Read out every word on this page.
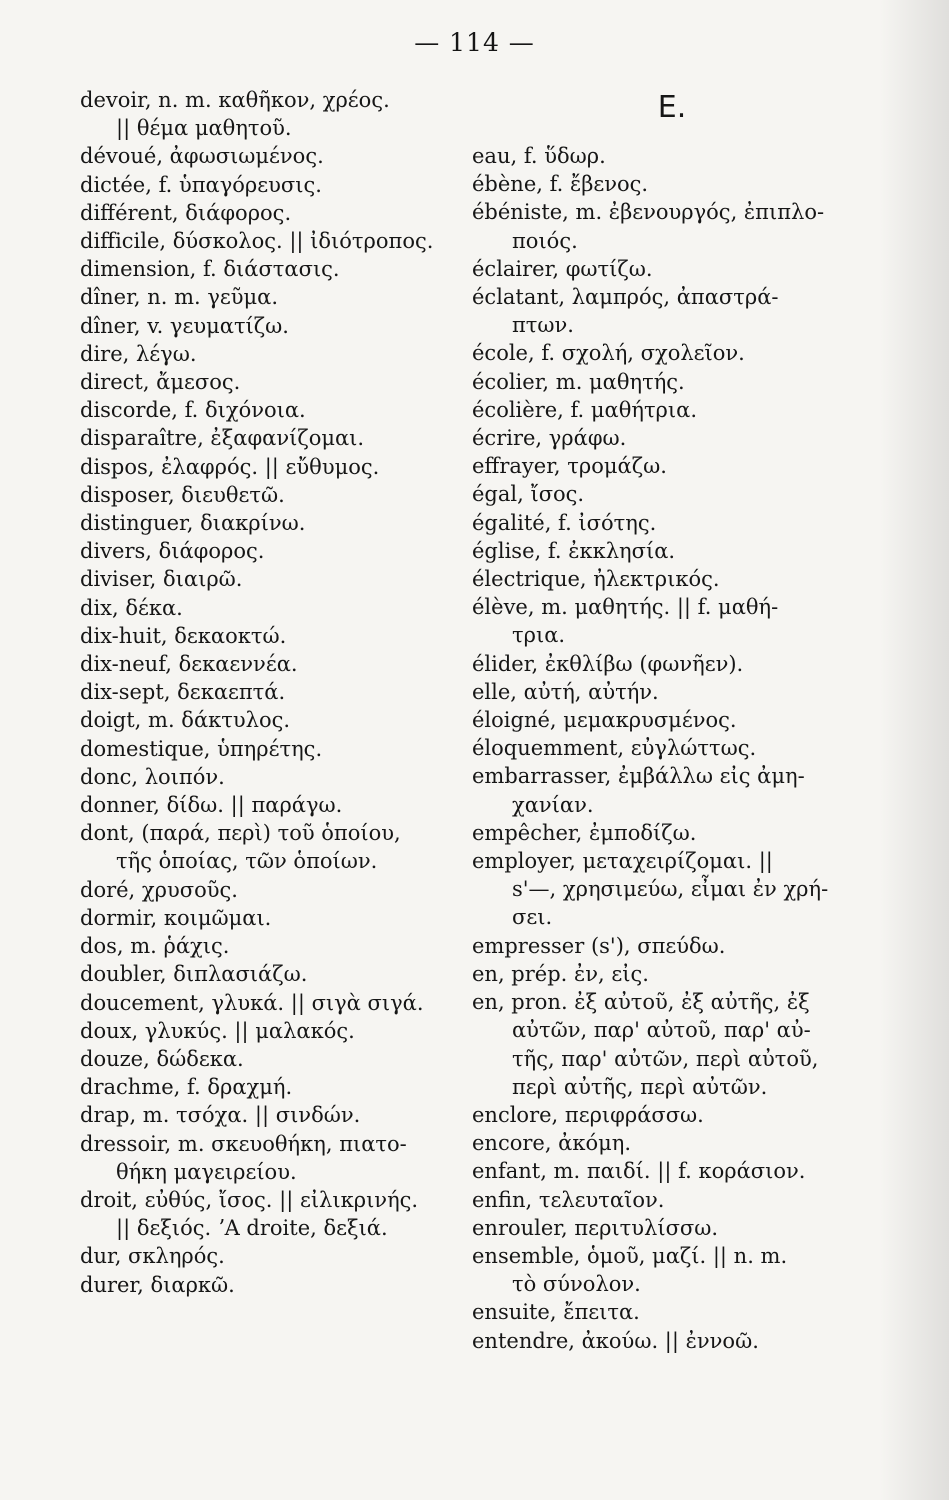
— 114 —
devoir, n. m. καθῆκον, χρέος.
|| θέμα μαθητοῦ.
dévoué, ἀφωσιωμένος.
dictée, f. ὑπαγόρευσις.
différent, διάφορος.
difficile, δύσκολος. || ἰδιότροπος.
dimension, f. διάστασις.
dîner, n. m. γεῦμα.
dîner, v. γευματίζω.
dire, λέγω.
direct, ἄμεσος.
discorde, f. διχόνοια.
disparaître, ἐξαφανίζομαι.
dispos, ἐλαφρός. || εὔθυμος.
disposer, διευθετῶ.
distinguer, διακρίνω.
divers, διάφορος.
diviser, διαιρῶ.
dix, δέκα.
dix-huit, δεκαοκτώ.
dix-neuf, δεκαεννέα.
dix-sept, δεκαεπτά.
doigt, m. δάκτυλος.
domestique, ὑπηρέτης.
donc, λοιπόν.
donner, δίδω. || παράγω.
dont, (παρά, περὶ) τοῦ ὁποίου,
τῆς ὁποίας, τῶν ὁποίων.
doré, χρυσοῦς.
dormir, κοιμῶμαι.
dos, m. ῥάχις.
doubler, διπλασιάζω.
doucement, γλυκά. || σιγὰ σιγά.
doux, γλυκύς. || μαλακός.
douze, δώδεκα.
drachme, f. δραχμή.
drap, m. τσόχα. || σινδών.
dressoir, m. σκευοθήκη, πιατο-
θήκη μαγειρείου.
droit, εὐθύς, ἴσος. || εἰλικρινής.
|| δεξιός. ʼA droite, δεξιά.
dur, σκληρός.
durer, διαρκῶ.
E.
eau, f. ὕδωρ.
ébène, f. ἔβενος.
ébéniste, m. ἐβενουργός, ἐπιπλο-
ποιός.
éclairer, φωτίζω.
éclatant, λαμπρός, ἀπαστρά-
πτων.
école, f. σχολή, σχολεῖον.
écolier, m. μαθητής.
écolière, f. μαθήτρια.
écrire, γράφω.
effrayer, τρομάζω.
égal, ἴσος.
égalité, f. ἰσότης.
église, f. ἐκκλησία.
électrique, ἠλεκτρικός.
élève, m. μαθητής. || f. μαθή-
τρια.
élider, ἐκθλίβω (φωνῆεν).
elle, αὐτή, αὐτήν.
éloigné, μεμακρυσμένος.
éloquemment, εὐγλώττως.
embarrasser, ἐμβάλλω εἰς ἀμη-
χανίαν.
empêcher, ἐμποδίζω.
employer, μεταχειρίζομαι. ||
s'—, χρησιμεύω, εἶμαι ἐν χρή-
σει.
empresser (s'), σπεύδω.
en, prép. ἐν, εἰς.
en, pron. ἐξ αὐτοῦ, ἐξ αὐτῆς, ἐξ
αὐτῶν, παρ' αὐτοῦ, παρ' αὐ-
τῆς, παρ' αὐτῶν, περὶ αὐτοῦ,
περὶ αὐτῆς, περὶ αὐτῶν.
enclore, περιφράσσω.
encore, ἀκόμη.
enfant, m. παιδί. || f. κοράσιον.
enfin, τελευταῖον.
enrouler, περιτυλίσσω.
ensemble, ὁμοῦ, μαζί. || n. m.
τὸ σύνολον.
ensuite, ἔπειτα.
entendre, ἀκούω. || ἐννοῶ.
